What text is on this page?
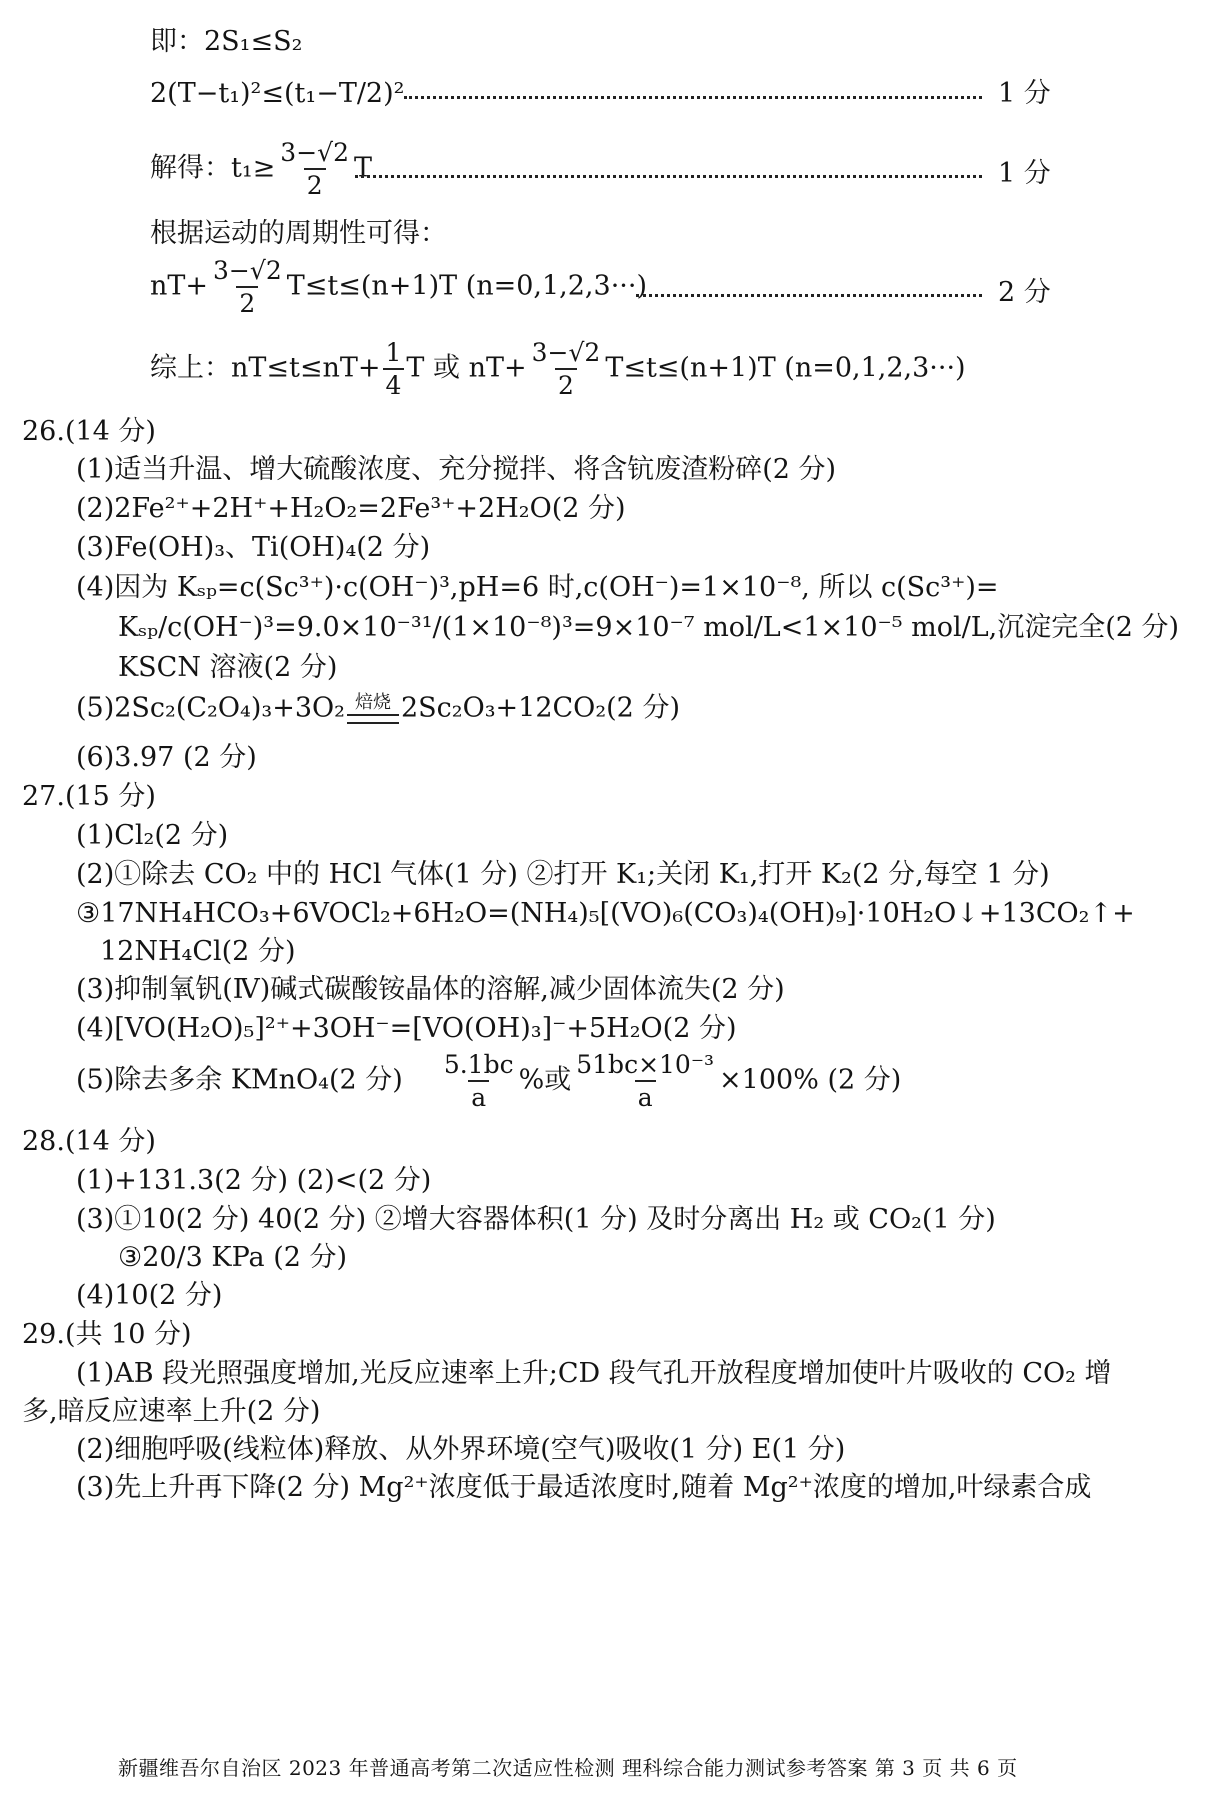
即：2S₁≤S₂
2(T−t₁)²≤(t₁−T/2)²	1 分
解得：$t_1\ge \frac{3-√2}{2}$ T	1 分
根据运动的周期性可得：
$nT+ \frac{3-√2}{2} T\le t\le(n+1)T$ (n=0,1,2,3···)	2 分
综上：$nT\le t\le nT+ \frac{1}{4}$ T 或 $nT+ \frac{3-√2}{2} T\le t\le(n+1)T$ (n=0,1,2,3···)
26.(14 分)
(1)适当升温、增大硫酸浓度、充分搅拌、将含钪废渣粉碎(2 分)
(2)2Fe²⁺+2H⁺+H₂O₂=2Fe³⁺+2H₂O(2 分)
(3)Fe(OH)₃、Ti(OH)₄(2 分)
(4)因为 Kₛₚ=c(Sc³⁺)·c(OH⁻)³,pH=6 时,c(OH⁻)=1×10⁻⁸, 所以 c(Sc³⁺)=
Kₛₚ/c(OH⁻)³=9.0×10⁻³¹/(1×10⁻⁸)³=9×10⁻⁷ mol/L<1×10⁻⁵ mol/L,沉淀完全(2 分)
KSCN 溶液(2 分)
(5)2Sc₂(C₂O₄)₃+3O₂ 焙烧 2Sc₂O₃+12CO₂(2 分)
(6)3.97 (2 分)
27.(15 分)
(1)Cl₂(2 分)
(2)①除去 CO₂ 中的 HCl 气体(1 分) ②打开 K₁;关闭 K₁,打开 K₂(2 分,每空 1 分)
③17NH₄HCO₃+6VOCl₂+6H₂O=(NH₄)₅[(VO)₆(CO₃)₄(OH)₉]·10H₂O↓+13CO₂↑+
12NH₄Cl(2 分)
(3)抑制氧钒(Ⅳ)碱式碳酸铵晶体的溶解,减少固体流失(2 分)
(4)[VO(H₂O)₅]²⁺+3OH⁻=[VO(OH)₃]⁻+5H₂O(2 分)
(5)除去多余 KMnO₄(2 分) $\frac{5.1bc}{a}$ %或 $\frac{\text{51bc×10⁻³}}{a} \times 100\%$ (2 分)
28.(14 分)
(1)+131.3(2 分) (2)<(2 分)
(3)①10(2 分) 40(2 分) ②增大容器体积(1 分) 及时分离出 H₂ 或 CO₂(1 分)
③20/3 KPa (2 分)
(4)10(2 分)
29.(共 10 分)
(1)AB 段光照强度增加,光反应速率上升;CD 段气孔开放程度增加使叶片吸收的 CO₂ 增
多,暗反应速率上升(2 分)
(2)细胞呼吸(线粒体)释放、从外界环境(空气)吸收(1 分) E(1 分)
(3)先上升再下降(2 分) Mg²⁺浓度低于最适浓度时,随着 Mg²⁺浓度的增加,叶绿素合成
新疆维吾尔自治区 2023 年普通高考第二次适应性检测 理科综合能力测试参考答案 第 3 页 共 6 页
